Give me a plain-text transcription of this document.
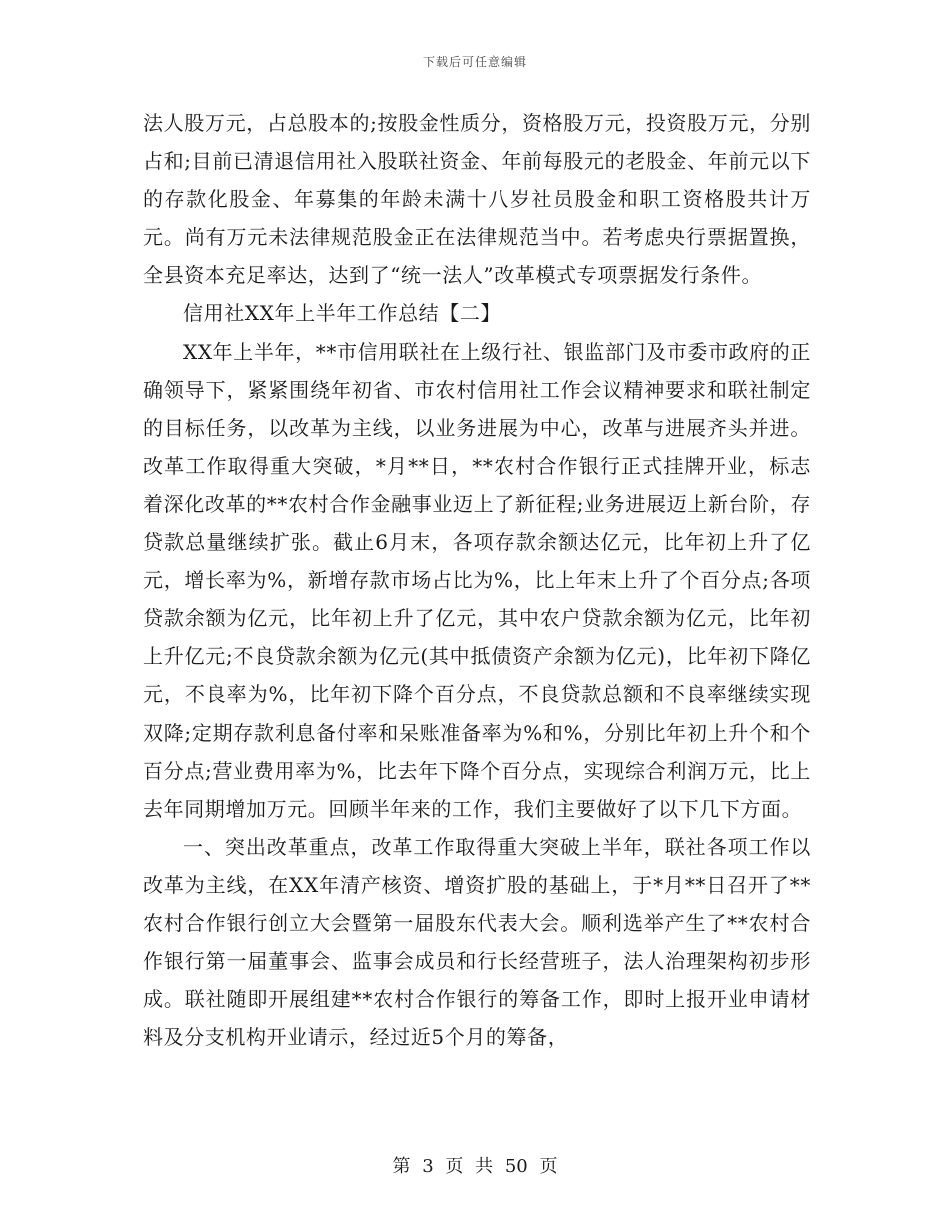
下载后可任意编辑

法人股万元，占总股本的;按股金性质分，资格股万元，投资股万元，分别占和;目前已清退信用社入股联社资金、年前每股元的老股金、年前元以下的存款化股金、年募集的年龄未满十八岁社员股金和职工资格股共计万元。尚有万元未法律规范股金正在法律规范当中。若考虑央行票据置换，全县资本充足率达，达到了“统一法人”改革模式专项票据发行条件。

信用社XX年上半年工作总结【二】

XX年上半年，**市信用联社在上级行社、银监部门及市委市政府的正确领导下，紧紧围绕年初省、市农村信用社工作会议精神要求和联社制定的目标任务，以改革为主线，以业务进展为中心，改革与进展齐头并进。改革工作取得重大突破，*月**日，**农村合作银行正式挂牌开业，标志着深化改革的**农村合作金融事业迈上了新征程;业务进展迈上新台阶，存贷款总量继续扩张。截止6月末，各项存款余额达亿元，比年初上升了亿元，增长率为%，新增存款市场占比为%，比上年末上升了个百分点;各项贷款余额为亿元，比年初上升了亿元，其中农户贷款余额为亿元，比年初上升亿元;不良贷款余额为亿元(其中抵债资产余额为亿元)，比年初下降亿元，不良率为%，比年初下降个百分点，不良贷款总额和不良率继续实现双降;定期存款利息备付率和呆账准备率为%和%，分别比年初上升个和个百分点;营业费用率为%，比去年下降个百分点，实现综合利润万元，比上去年同期增加万元。回顾半年来的工作，我们主要做好了以下几下方面。

一、突出改革重点，改革工作取得重大突破上半年，联社各项工作以改革为主线，在XX年清产核资、增资扩股的基础上，于*月**日召开了**农村合作银行创立大会暨第一届股东代表大会。顺利选举产生了**农村合作银行第一届董事会、监事会成员和行长经营班子，法人治理架构初步形成。联社随即开展组建**农村合作银行的筹备工作，即时上报开业申请材料及分支机构开业请示，经过近5个月的筹备，

第 3 页 共 50 页
